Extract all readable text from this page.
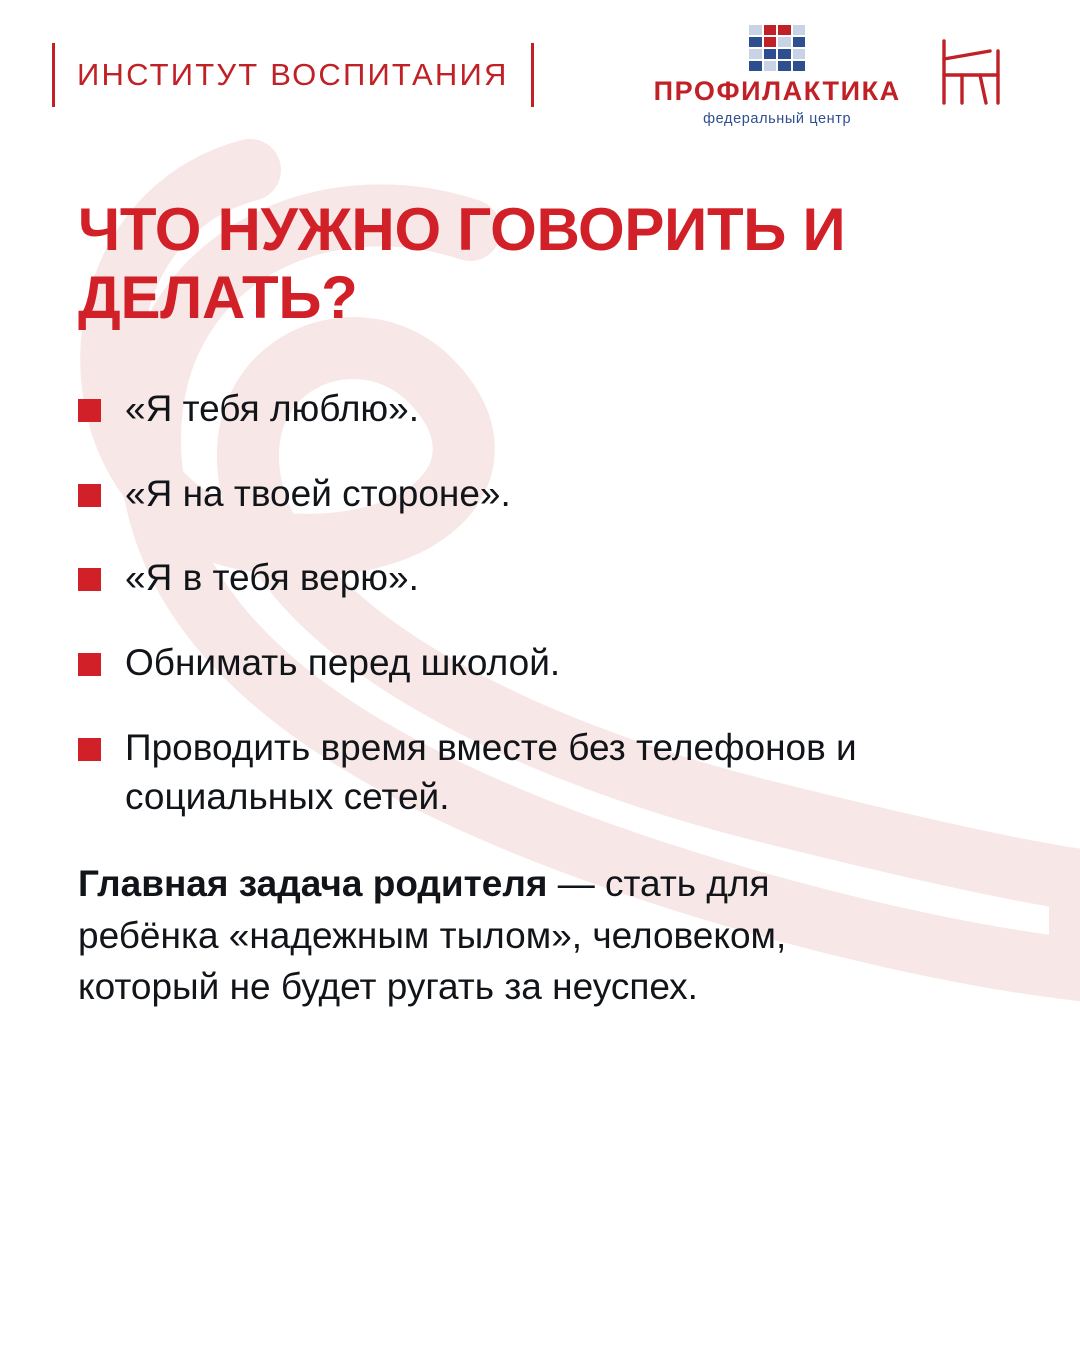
ИНСТИТУТ ВОСПИТАНИЯ	ПРОФИЛАКТИКА
федеральный центр
ЧТО НУЖНО ГОВОРИТЬ И ДЕЛАТЬ?
«Я тебя люблю».
«Я на твоей стороне».
«Я в тебя верю».
Обнимать перед школой.
Проводить время вместе без телефонов и социальных сетей.

Главная задача родителя — стать для ребёнка «надежным тылом», человеком, который не будет ругать за неуспех.
